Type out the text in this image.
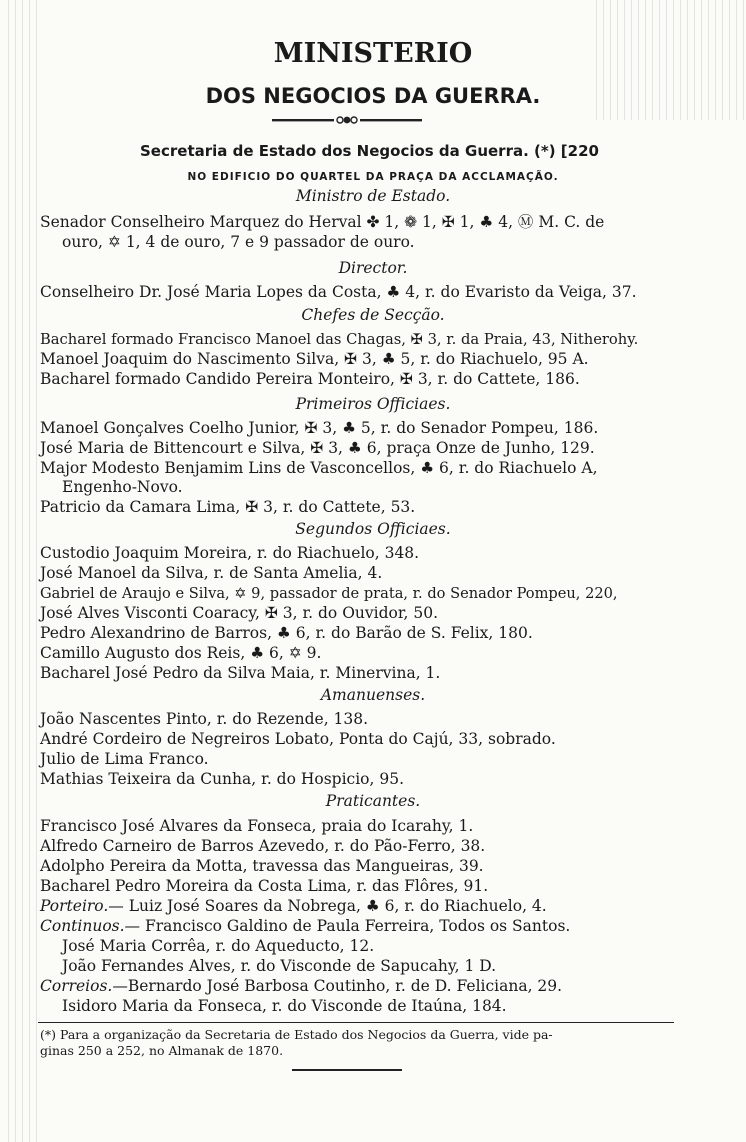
MINISTERIO
DOS NEGOCIOS DA GUERRA.
Secretaria de Estado dos Negocios da Guerra. (*) [220
NO EDIFICIO DO QUARTEL DA PRAÇA DA ACCLAMAÇÃO.
Ministro de Estado.
Senador Conselheiro Marquez do Herval ✤ 1, ❁ 1, ✠ 1, ♣ 4, Ⓜ M. C. de
ouro, ✡ 1, 4 de ouro, 7 e 9 passador de ouro.
Director.
Conselheiro Dr. José Maria Lopes da Costa, ♣ 4, r. do Evaristo da Veiga, 37.
Chefes de Secção.
Bacharel formado Francisco Manoel das Chagas, ✠ 3, r. da Praia, 43, Nitherohy.
Manoel Joaquim do Nascimento Silva, ✠ 3, ♣ 5, r. do Riachuelo, 95 A.
Bacharel formado Candido Pereira Monteiro, ✠ 3, r. do Cattete, 186.
Primeiros Officiaes.
Manoel Gonçalves Coelho Junior, ✠ 3, ♣ 5, r. do Senador Pompeu, 186.
José Maria de Bittencourt e Silva, ✠ 3, ♣ 6, praça Onze de Junho, 129.
Major Modesto Benjamim Lins de Vasconcellos, ♣ 6, r. do Riachuelo A,
Engenho-Novo.
Patricio da Camara Lima, ✠ 3, r. do Cattete, 53.
Segundos Officiaes.
Custodio Joaquim Moreira, r. do Riachuelo, 348.
José Manoel da Silva, r. de Santa Amelia, 4.
Gabriel de Araujo e Silva, ✡ 9, passador de prata, r. do Senador Pompeu, 220,
José Alves Visconti Coaracy, ✠ 3, r. do Ouvidor, 50.
Pedro Alexandrino de Barros, ♣ 6, r. do Barão de S. Felix, 180.
Camillo Augusto dos Reis, ♣ 6, ✡ 9.
Bacharel José Pedro da Silva Maia, r. Minervina, 1.
Amanuenses.
João Nascentes Pinto, r. do Rezende, 138.
André Cordeiro de Negreiros Lobato, Ponta do Cajú, 33, sobrado.
Julio de Lima Franco.
Mathias Teixeira da Cunha, r. do Hospicio, 95.
Praticantes.
Francisco José Alvares da Fonseca, praia do Icarahy, 1.
Alfredo Carneiro de Barros Azevedo, r. do Pão-Ferro, 38.
Adolpho Pereira da Motta, travessa das Mangueiras, 39.
Bacharel Pedro Moreira da Costa Lima, r. das Flôres, 91.
Porteiro.— Luiz José Soares da Nobrega, ♣ 6, r. do Riachuelo, 4.
Continuos.— Francisco Galdino de Paula Ferreira, Todos os Santos.
José Maria Corrêa, r. do Aqueducto, 12.
João Fernandes Alves, r. do Visconde de Sapucahy, 1 D.
Correios.—Bernardo José Barbosa Coutinho, r. de D. Feliciana, 29.
Isidoro Maria da Fonseca, r. do Visconde de Itaúna, 184.
(*) Para a organização da Secretaria de Estado dos Negocios da Guerra, vide pa-
ginas 250 a 252, no Almanak de 1870.
